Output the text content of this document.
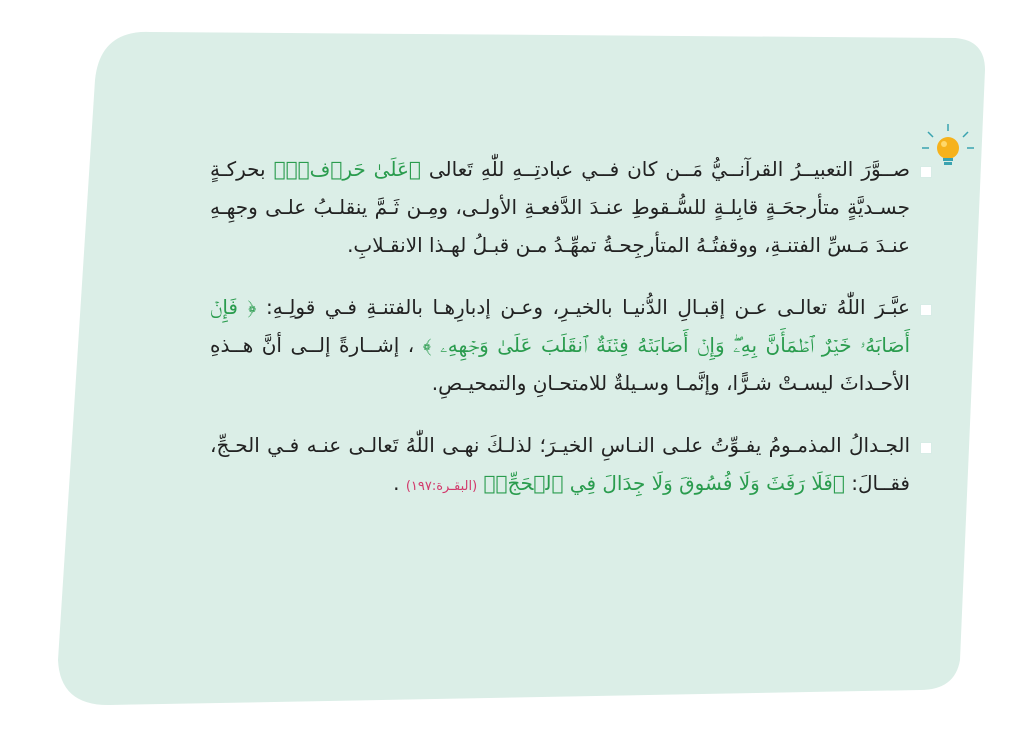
صــوَّرَ التعبيــرُ القرآنــيُّ مَــن كان فــي عبادتِــهِ للّٰهِ تَعالى ﴿عَلَىٰ حَرۡفٖۖ﴾ بحركـةٍ جسـديَّةٍ متأرجحَـةٍ قابِلـةٍ للسُّـقوطِ عنـدَ الدَّفعـةِ الأولـى، ومِـن ثَـمَّ ينقلـبُ علـى وجهِـهِ عنـدَ مَـسِّ الفتنـةِ، ووقفتُـهُ المتأرجِحـةُ تمهِّـدُ مـن قبـلُ لهـذا الانقـلابِ.

عبَّـرَ اللّٰهُ تعالـى عـن إقبـالِ الدُّنيـا بالخيـرِ، وعـن إدبارِهـا بالفتنـةِ فـي قولِـهِ: ﴿ فَإِنۡ أَصَابَهُۥ خَيۡرٌ ٱطۡمَأَنَّ بِهِۦۖ وَإِنۡ أَصَابَتۡهُ فِتۡنَةٌ ٱنقَلَبَ عَلَىٰ وَجۡهِهِۦ ﴾ ، إشــارةً إلــى أنَّ هــذهِ الأحـداثَ ليسـتْ شـرًّا، وإنَّمـا وسـيلةٌ للامتحـانِ والتمحيـصِ.

الجـدالُ المذمـومُ يفـوِّتُ علـى النـاسِ الخيـرَ؛ لذلـكَ نهـى اللّٰهُ تَعالـى عنـه فـي الحـجِّ، فقــالَ: ﴿فَلَا رَفَثَ وَلَا فُسُوقَ وَلَا جِدَالَ فِي ٱلۡحَجِّۗ﴾ (البقـرة:١٩٧) .
